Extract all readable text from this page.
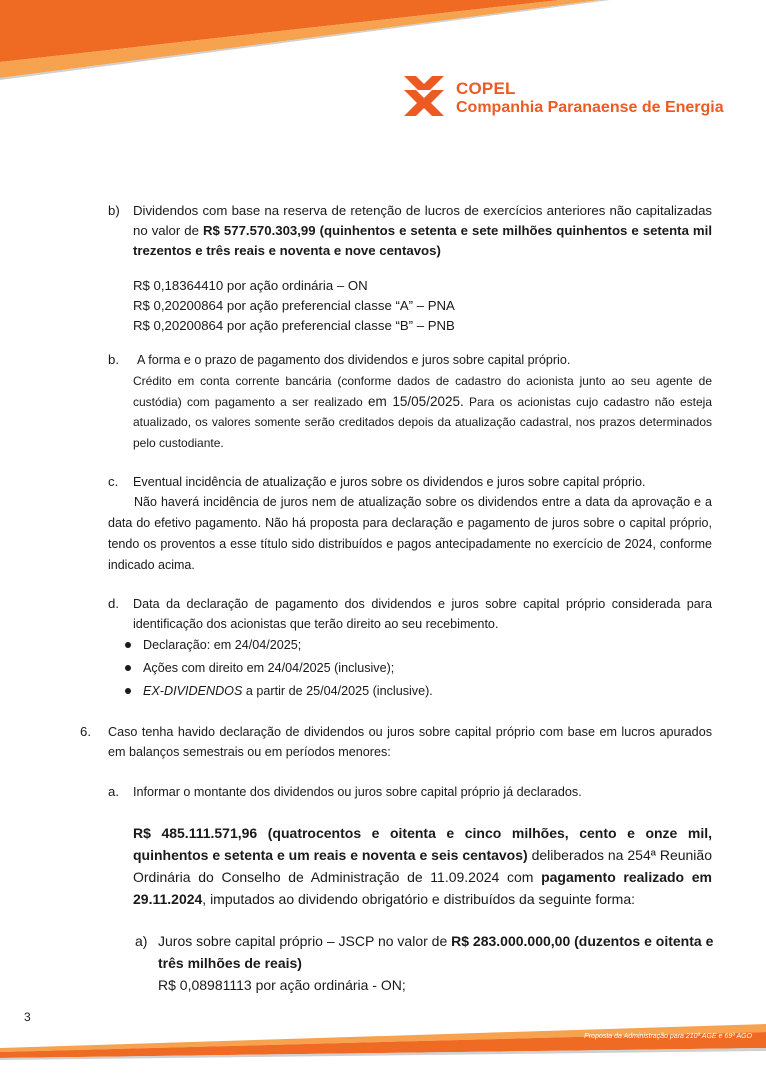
COPEL
Companhia Paranaense de Energia
b) Dividendos com base na reserva de retenção de lucros de exercícios anteriores não capitalizadas no valor de R$ 577.570.303,99 (quinhentos e setenta e sete milhões quinhentos e setenta mil trezentos e três reais e noventa e nove centavos)
R$ 0,18364410 por ação ordinária – ON
R$ 0,20200864 por ação preferencial classe “A” – PNA
R$ 0,20200864 por ação preferencial classe “B” – PNB
b. A forma e o prazo de pagamento dos dividendos e juros sobre capital próprio.
Crédito em conta corrente bancária (conforme dados de cadastro do acionista junto ao seu agente de custódia) com pagamento a ser realizado em 15/05/2025. Para os acionistas cujo cadastro não esteja atualizado, os valores somente serão creditados depois da atualização cadastral, nos prazos determinados pelo custodiante.
c. Eventual incidência de atualização e juros sobre os dividendos e juros sobre capital próprio.
Não haverá incidência de juros nem de atualização sobre os dividendos entre a data da aprovação e a data do efetivo pagamento. Não há proposta para declaração e pagamento de juros sobre o capital próprio, tendo os proventos a esse título sido distribuídos e pagos antecipadamente no exercício de 2024, conforme indicado acima.
d. Data da declaração de pagamento dos dividendos e juros sobre capital próprio considerada para identificação dos acionistas que terão direito ao seu recebimento.
Declaração: em 24/04/2025;
Ações com direito em 24/04/2025 (inclusive);
EX-DIVIDENDOS a partir de 25/04/2025 (inclusive).
6. Caso tenha havido declaração de dividendos ou juros sobre capital próprio com base em lucros apurados em balanços semestrais ou em períodos menores:
a. Informar o montante dos dividendos ou juros sobre capital próprio já declarados.
R$ 485.111.571,96 (quatrocentos e oitenta e cinco milhões, cento e onze mil, quinhentos e setenta e um reais e noventa e seis centavos) deliberados na 254ª Reunião Ordinária do Conselho de Administração de 11.09.2024 com pagamento realizado em 29.11.2024, imputados ao dividendo obrigatório e distribuídos da seguinte forma:
a) Juros sobre capital próprio – JSCP no valor de R$ 283.000.000,00 (duzentos e oitenta e três milhões de reais)
R$ 0,08981113 por ação ordinária - ON;
3
Proposta da Administração para 210ª AGE e 69ª AGO
